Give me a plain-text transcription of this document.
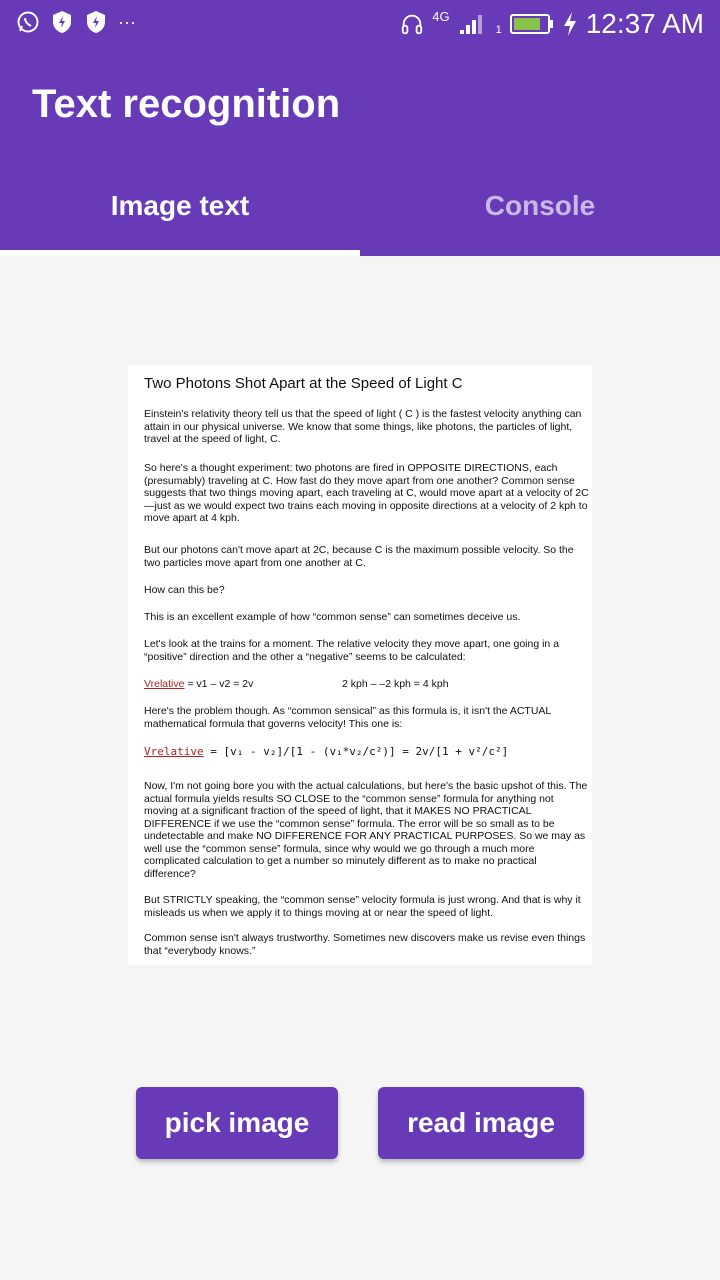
···	4G
1	12:37 AM
Text recognition
Image text	Console
Two Photons Shot Apart at the Speed of Light C

Einstein's relativity theory tell us that the speed of light ( C ) is the fastest velocity anything can attain in our physical universe. We know that some things, like photons, the particles of light, travel at the speed of light, C.

So here's a thought experiment: two photons are fired in OPPOSITE DIRECTIONS, each (presumably) traveling at C. How fast do they move apart from one another? Common sense suggests that two things moving apart, each traveling at C, would move apart at a velocity of 2C—just as we would expect two trains each moving in opposite directions at a velocity of 2 kph to move apart at 4 kph.

But our photons can't move apart at 2C, because C is the maximum possible velocity. So the two particles move apart from one another at C.

How can this be?

This is an excellent example of how “common sense” can sometimes deceive us.

Let's look at the trains for a moment. The relative velocity they move apart, one going in a “positive” direction and the other a “negative” seems to be calculated:

Vrelative = v1 – v2 = 2v	2 kph – –2 kph = 4 kph

Here's the problem though. As “common sensical” as this formula is, it isn't the ACTUAL mathematical formula that governs velocity! This one is:

Vrelative = [v₁ - v₂]/[1 - (v₁*v₂/c²)] = 2v/[1 + v²/c²]

Now, I'm not going bore you with the actual calculations, but here's the basic upshot of this. The actual formula yields results SO CLOSE to the “common sense” formula for anything not moving at a significant fraction of the speed of light, that it MAKES NO PRACTICAL DIFFERENCE if we use the “common sense” formula. The error will be so small as to be undetectable and make NO DIFFERENCE FOR ANY PRACTICAL PURPOSES. So we may as well use the “common sense” formula, since why would we go through a much more complicated calculation to get a number so minutely different as to make no practical difference?

But STRICTLY speaking, the “common sense” velocity formula is just wrong. And that is why it misleads us when we apply it to things moving at or near the speed of light.

Common sense isn't always trustworthy. Sometimes new discovers make us revise even things that “everybody knows.”

pick image	read image
